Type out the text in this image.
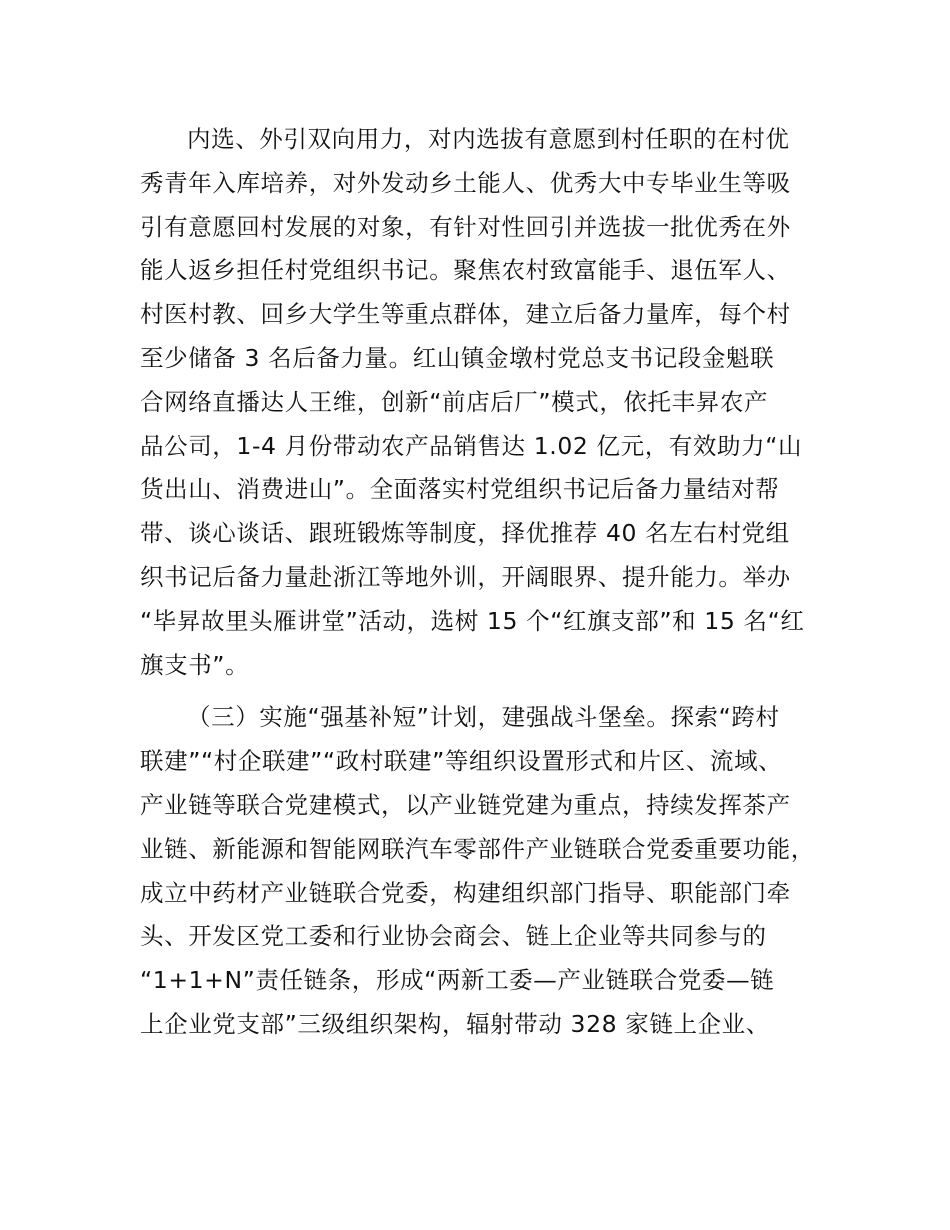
内选、外引双向用力，对内选拔有意愿到村任职的在村优
秀青年入库培养，对外发动乡土能人、优秀大中专毕业生等吸
引有意愿回村发展的对象，有针对性回引并选拔一批优秀在外
能人返乡担任村党组织书记。聚焦农村致富能手、退伍军人、
村医村教、回乡大学生等重点群体，建立后备力量库，每个村
至少储备 3 名后备力量。红山镇金墩村党总支书记段金魁联
合网络直播达人王维，创新“前店后厂”模式，依托丰昇农产
品公司，1-4 月份带动农产品销售达 1.02 亿元，有效助力“山
货出山、消费进山”。全面落实村党组织书记后备力量结对帮
带、谈心谈话、跟班锻炼等制度，择优推荐 40 名左右村党组
织书记后备力量赴浙江等地外训，开阔眼界、提升能力。举办
“毕昇故里头雁讲堂”活动，选树 15 个“红旗支部”和 15 名“红
旗支书”。

（三）实施“强基补短”计划，建强战斗堡垒。探索“跨村
联建”“村企联建”“政村联建”等组织设置形式和片区、流域、
产业链等联合党建模式，以产业链党建为重点，持续发挥茶产
业链、新能源和智能网联汽车零部件产业链联合党委重要功能，
成立中药材产业链联合党委，构建组织部门指导、职能部门牵
头、开发区党工委和行业协会商会、链上企业等共同参与的
“1+1+N”责任链条，形成“两新工委—产业链联合党委—链
上企业党支部”三级组织架构，辐射带动 328 家链上企业、
